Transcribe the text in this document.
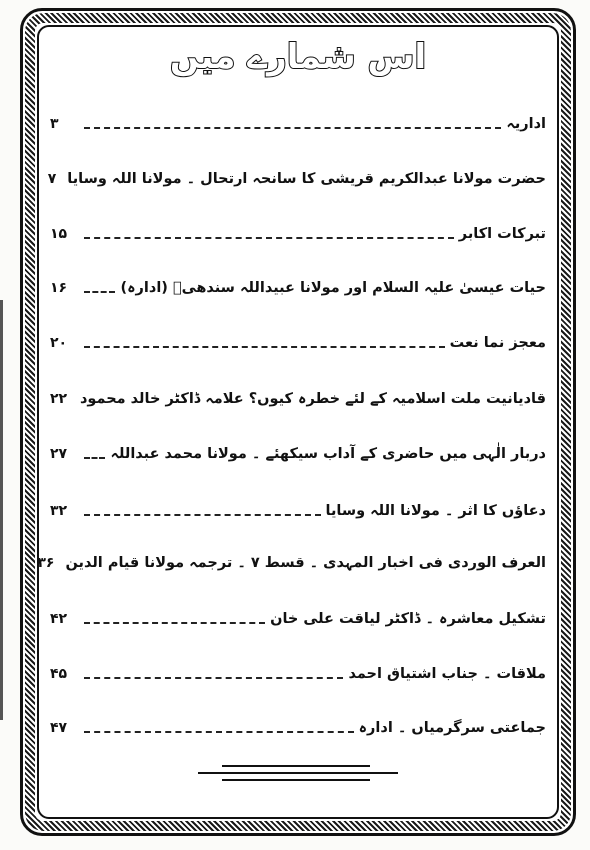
اس شمارے میں
اداریہ
۳
حضرت مولانا عبدالکریم قریشی کا سانحہ ارتحال ۔ مولانا اللہ وسایا
۷
تبرکات اکابر
۱۵
حیات عیسیٰ علیہ السلام اور مولانا عبیداللہ سندھیؒ (ادارہ)
۱۶
معجز نما نعت
۲۰
قادیانیت ملت اسلامیہ کے لئے خطرہ کیوں؟ علامہ ڈاکٹر خالد محمود
۲۲
دربار الٰہی میں حاضری کے آداب سیکھئے ۔ مولانا محمد عبداللہ
۲۷
دعاؤں کا اثر ۔ مولانا اللہ وسایا
۳۲
العرف الوردی فی اخبار المہدی ۔ قسط ۷ ۔ ترجمہ مولانا قیام الدین
۳۶
تشکیل معاشرہ ۔ ڈاکٹر لیاقت علی خان
۴۲
ملاقات ۔ جناب اشتیاق احمد
۴۵
جماعتی سرگرمیاں ۔ ادارہ
۴۷
